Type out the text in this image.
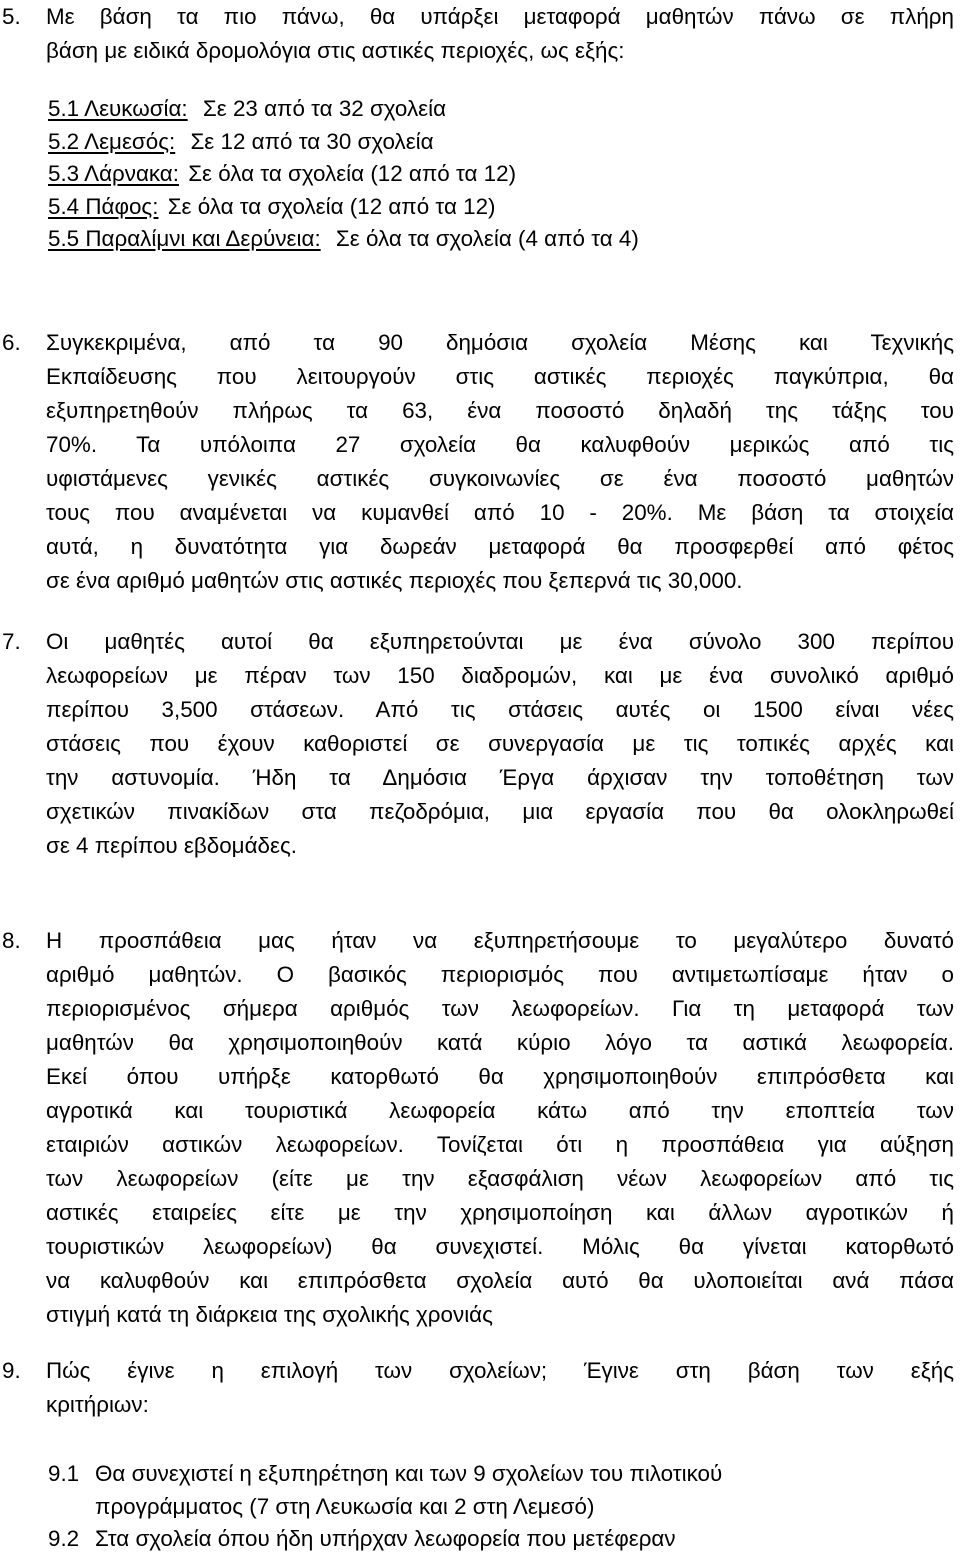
5. Με βάση τα πιο πάνω, θα υπάρξει μεταφορά μαθητών πάνω σε πλήρη
βάση με ειδικά δρομολόγια στις αστικές περιοχές, ως εξής:
5.1 Λευκωσία: Σε 23 από τα 32 σχολεία
5.2 Λεμεσός: Σε 12 από τα 30 σχολεία
5.3 Λάρνακα: Σε όλα τα σχολεία (12 από τα 12)
5.4 Πάφος: Σε όλα τα σχολεία (12 από τα 12)
5.5 Παραλίμνι και Δερύνεια: Σε όλα τα σχολεία (4 από τα 4)
6. Συγκεκριμένα, από τα 90 δημόσια σχολεία Μέσης και Τεχνικής
Εκπαίδευσης που λειτουργούν στις αστικές περιοχές παγκύπρια, θα
εξυπηρετηθούν πλήρως τα 63, ένα ποσοστό δηλαδή της τάξης του
70%. Τα υπόλοιπα 27 σχολεία θα καλυφθούν μερικώς από τις
υφιστάμενες γενικές αστικές συγκοινωνίες σε ένα ποσοστό μαθητών
τους που αναμένεται να κυμανθεί από 10 - 20%. Με βάση τα στοιχεία
αυτά, η δυνατότητα για δωρεάν μεταφορά θα προσφερθεί από φέτος
σε ένα αριθμό μαθητών στις αστικές περιοχές που ξεπερνά τις 30,000.
7. Οι μαθητές αυτοί θα εξυπηρετούνται με ένα σύνολο 300 περίπου
λεωφορείων με πέραν των 150 διαδρομών, και με ένα συνολικό αριθμό
περίπου 3,500 στάσεων. Από τις στάσεις αυτές οι 1500 είναι νέες
στάσεις που έχουν καθοριστεί σε συνεργασία με τις τοπικές αρχές και
την αστυνομία. Ήδη τα Δημόσια Έργα άρχισαν την τοποθέτηση των
σχετικών πινακίδων στα πεζοδρόμια, μια εργασία που θα ολοκληρωθεί
σε 4 περίπου εβδομάδες.
8. Η προσπάθεια μας ήταν να εξυπηρετήσουμε το μεγαλύτερο δυνατό
αριθμό μαθητών. Ο βασικός περιορισμός που αντιμετωπίσαμε ήταν ο
περιορισμένος σήμερα αριθμός των λεωφορείων. Για τη μεταφορά των
μαθητών θα χρησιμοποιηθούν κατά κύριο λόγο τα αστικά λεωφορεία.
Εκεί όπου υπήρξε κατορθωτό θα χρησιμοποιηθούν επιπρόσθετα και
αγροτικά και τουριστικά λεωφορεία κάτω από την εποπτεία των
εταιριών αστικών λεωφορείων. Τονίζεται ότι η προσπάθεια για αύξηση
των λεωφορείων (είτε με την εξασφάλιση νέων λεωφορείων από τις
αστικές εταιρείες είτε με την χρησιμοποίηση και άλλων αγροτικών ή
τουριστικών λεωφορείων) θα συνεχιστεί. Μόλις θα γίνεται κατορθωτό
να καλυφθούν και επιπρόσθετα σχολεία αυτό θα υλοποιείται ανά πάσα
στιγμή κατά τη διάρκεια της σχολικής χρονιάς
9. Πώς έγινε η επιλογή των σχολείων; Έγινε στη βάση των εξής
κριτήριων:
9.1 Θα συνεχιστεί η εξυπηρέτηση και των 9 σχολείων του πιλοτικού
προγράμματος (7 στη Λευκωσία και 2 στη Λεμεσό)
9.2 Στα σχολεία όπου ήδη υπήρχαν λεωφορεία που μετέφεραν
